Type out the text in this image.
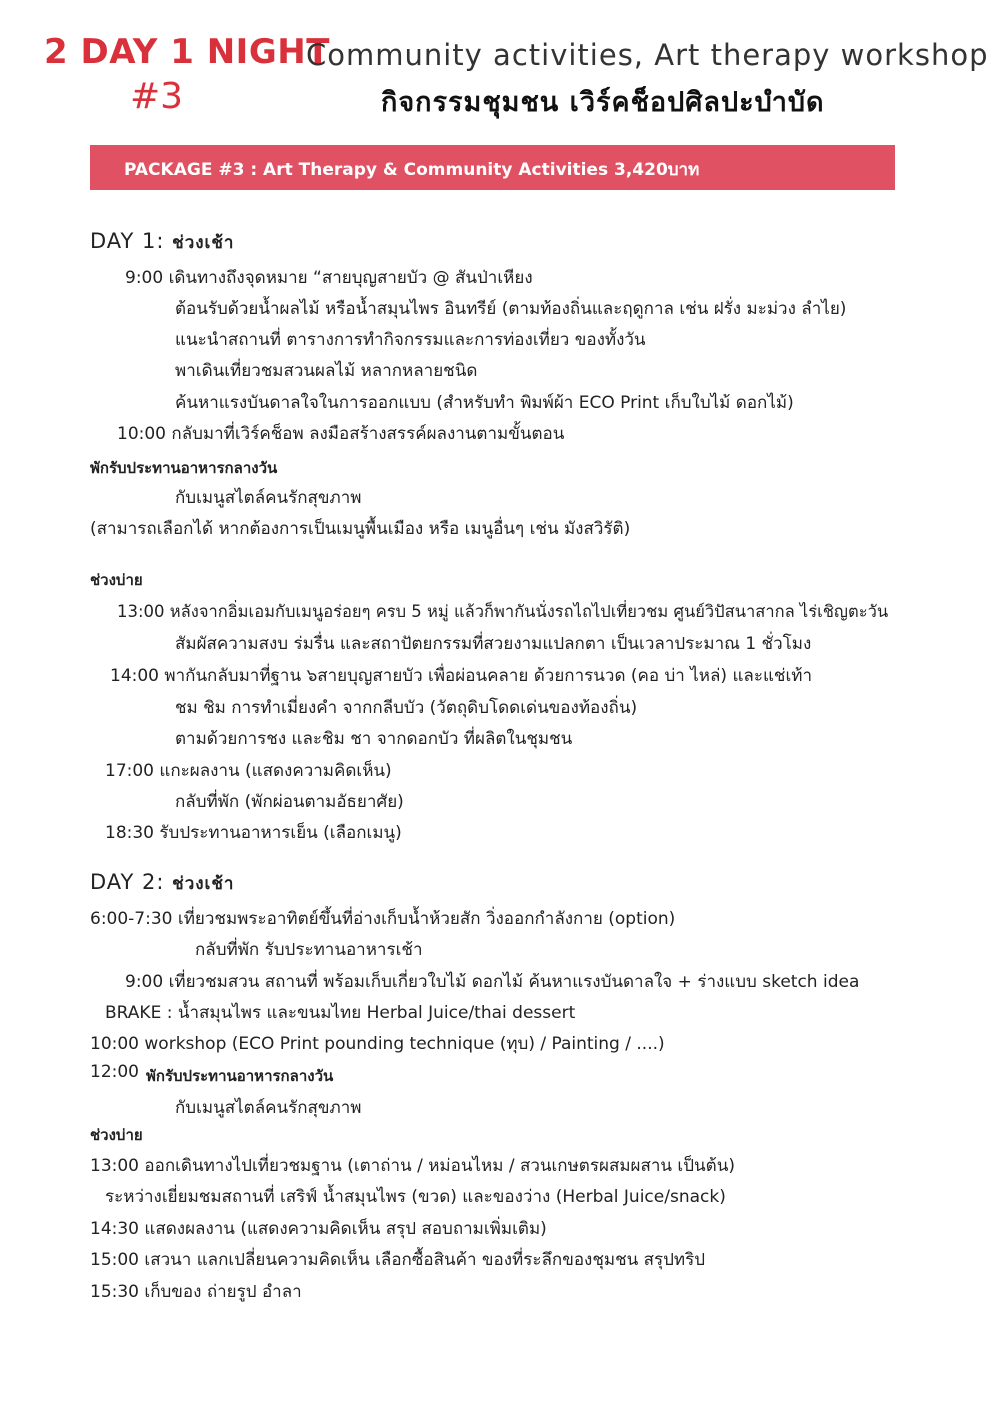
2 DAY 1 NIGHT
#3
Community activities, Art therapy workshop
กิจกรรมชุมชน เวิร์คช็อปศิลปะบำบัด
PACKAGE #3 : Art Therapy & Community Activities 3,420บาท
DAY 1: ช่วงเช้า
9:00 เดินทางถึงจุดหมาย “สายบุญสายบัว @ สันป่าเหียง
ต้อนรับด้วยน้ำผลไม้ หรือน้ำสมุนไพร อินทรีย์ (ตามท้องถิ่นและฤดูกาล เช่น ฝรั่ง มะม่วง ลำไย)
แนะนำสถานที่ ตารางการทำกิจกรรมและการท่องเที่ยว ของทั้งวัน
พาเดินเที่ยวชมสวนผลไม้ หลากหลายชนิด
ค้นหาแรงบันดาลใจในการออกแบบ (สำหรับทำ พิมพ์ผ้า ECO Print เก็บใบไม้ ดอกไม้)
10:00 กลับมาที่เวิร์คช็อพ ลงมือสร้างสรรค์ผลงานตามขั้นตอน
พักรับประทานอาหารกลางวัน
กับเมนูสไตล์คนรักสุขภาพ
(สามารถเลือกได้ หากต้องการเป็นเมนูพื้นเมือง หรือ เมนูอื่นๆ เช่น มังสวิรัติ)
ช่วงบ่าย
13:00 หลังจากอิ่มเอมกับเมนูอร่อยๆ ครบ 5 หมู่ แล้วก็พากันนั่งรถไถไปเที่ยวชม ศูนย์วิปัสนาสากล ไร่เชิญตะวัน
สัมผัสความสงบ ร่มรื่น และสถาปัตยกรรมที่สวยงามแปลกตา เป็นเวลาประมาณ 1 ชั่วโมง
14:00 พากันกลับมาที่ฐาน ๖สายบุญสายบัว เพื่อผ่อนคลาย ด้วยการนวด (คอ บ่า ไหล่) และแช่เท้า
ชม ชิม การทำเมี่ยงคำ จากกลีบบัว (วัตถุดิบโดดเด่นของท้องถิ่น)
ตามด้วยการชง และชิม ชา จากดอกบัว ที่ผลิตในชุมชน
17:00 แกะผลงาน (แสดงความคิดเห็น)
กลับที่พัก (พักผ่อนตามอัธยาศัย)
18:30 รับประทานอาหารเย็น (เลือกเมนู)
DAY 2: ช่วงเช้า
6:00-7:30 เที่ยวชมพระอาทิตย์ขึ้นที่อ่างเก็บน้ำห้วยสัก วิ่งออกกำลังกาย (option)
กลับที่พัก รับประทานอาหารเช้า
9:00 เที่ยวชมสวน สถานที่ พร้อมเก็บเกี่ยวใบไม้ ดอกไม้ ค้นหาแรงบันดาลใจ + ร่างแบบ sketch idea
BRAKE : น้ำสมุนไพร และขนมไทย Herbal Juice/thai dessert
10:00 workshop (ECO Print pounding technique (ทุบ) / Painting / ....)
12:00 พักรับประทานอาหารกลางวัน
กับเมนูสไตล์คนรักสุขภาพ
ช่วงบ่าย
13:00 ออกเดินทางไปเที่ยวชมฐาน (เตาถ่าน / หม่อนไหม / สวนเกษตรผสมผสาน เป็นต้น)
ระหว่างเยี่ยมชมสถานที่ เสริฟ์ น้ำสมุนไพร (ขวด) และของว่าง (Herbal Juice/snack)
14:30 แสดงผลงาน (แสดงความคิดเห็น สรุป สอบถามเพิ่มเติม)
15:00 เสวนา แลกเปลี่ยนความคิดเห็น เลือกซื้อสินค้า ของที่ระลึกของชุมชน สรุปทริป
15:30 เก็บของ ถ่ายรูป อำลา
